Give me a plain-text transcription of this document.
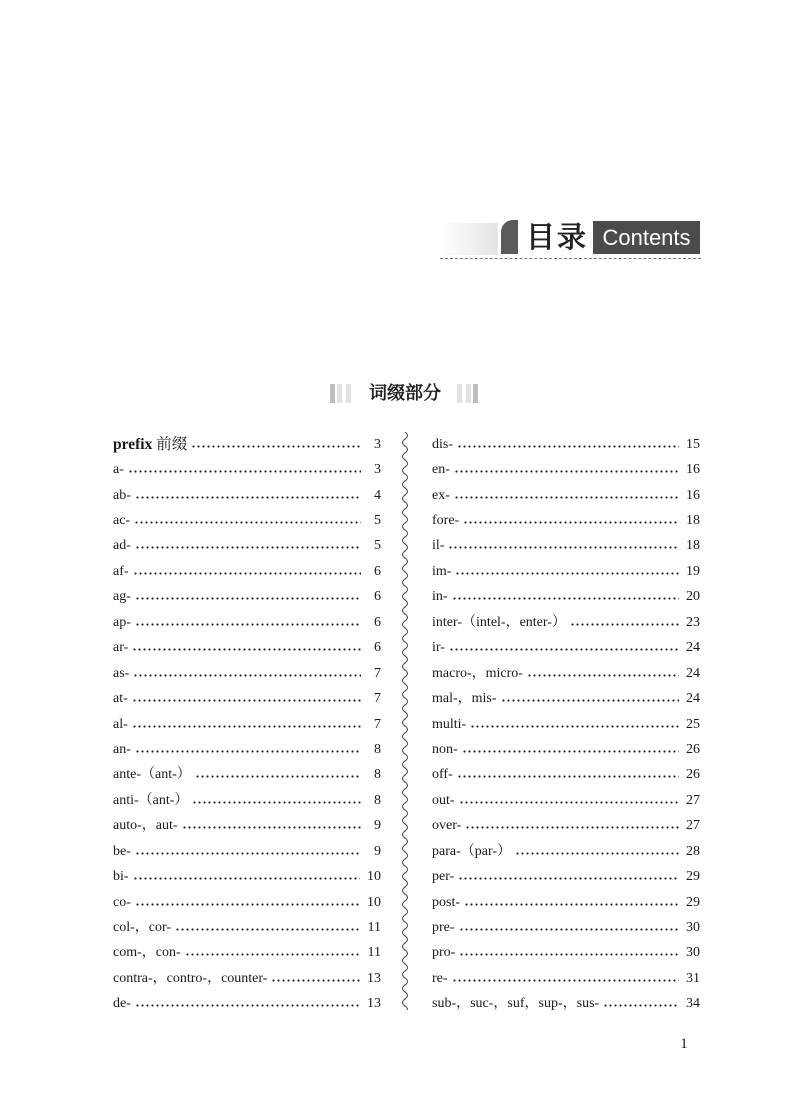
目录 Contents
词缀部分
prefix 前缀	3
a-	3
ab-	4
ac-	5
ad-	5
af-	6
ag-	6
ap-	6
ar-	6
as-	7
at-	7
al-	7
an-	8
ante-（ant-）	8
anti-（ant-）	8
auto-，aut-	9
be-	9
bi-	10
co-	10
col-，cor-	11
com-，con-	11
contra-，contro-，counter-	13
de-	13
dis-	15
en-	16
ex-	16
fore-	18
il-	18
im-	19
in-	20
inter-（intel-，enter-）	23
ir-	24
macro-，micro-	24
mal-，mis-	24
multi-	25
non-	26
off-	26
out-	27
over-	27
para-（par-）	28
per-	29
post-	29
pre-	30
pro-	30
re-	31
sub-，suc-，suf，sup-，sus-	34
1
